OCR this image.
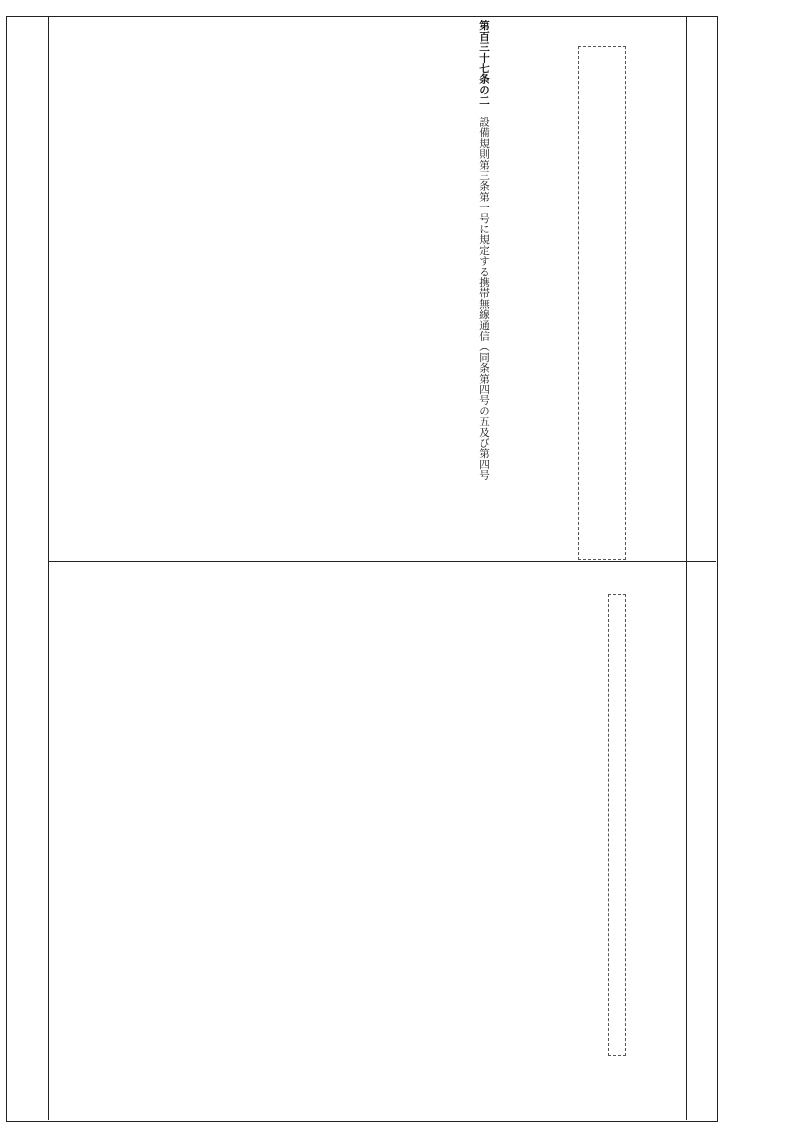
第百三十七条の二　設備規則第三条第一号に規定する携帯無線通信（同条第四号の五及び第四号
